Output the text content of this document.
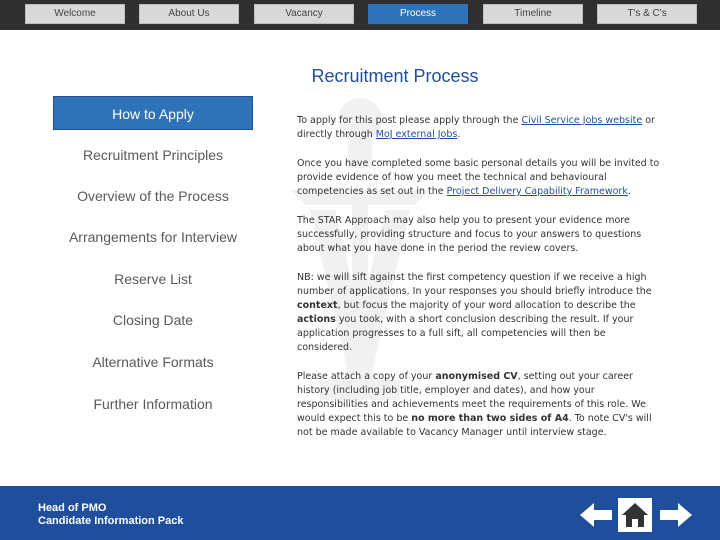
Welcome	About Us	Vacancy	Process	Timeline	T's & C's
Recruitment Process
How to Apply
Recruitment Principles
Overview of the Process
Arrangements for Interview
Reserve List
Closing Date
Alternative Formats
Further Information

To apply for this post please apply through the Civil Service Jobs website or directly through MoJ external Jobs.

Once you have completed some basic personal details you will be invited to provide evidence of how you meet the technical and behavioural competencies as set out in the Project Delivery Capability Framework.

The STAR Approach may also help you to present your evidence more successfully, providing structure and focus to your answers to questions about what you have done in the period the review covers.

NB: we will sift against the first competency question if we receive a high number of applications. In your responses you should briefly introduce the context, but focus the majority of your word allocation to describe the actions you took, with a short conclusion describing the result. If your application progresses to a full sift, all competencies will then be considered.

Please attach a copy of your anonymised CV, setting out your career history (including job title, employer and dates), and how your responsibilities and achievements meet the requirements of this role. We would expect this to be no more than two sides of A4. To note CV's will not be made available to Vacancy Manager until interview stage.

Head of PMO
Candidate Information Pack
